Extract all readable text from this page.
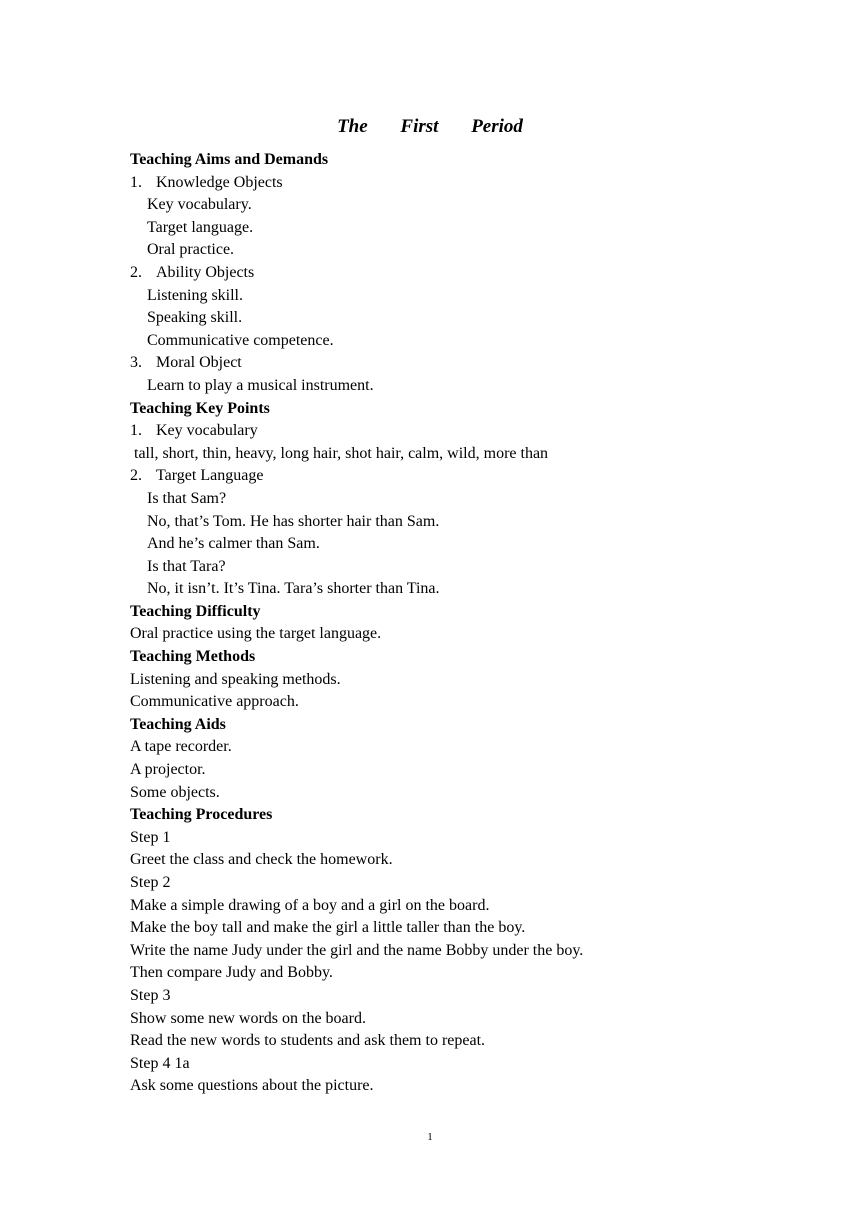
The First Period
Teaching Aims and Demands
1. Knowledge Objects
Key vocabulary.
Target language.
Oral practice.
2. Ability Objects
Listening skill.
Speaking skill.
Communicative competence.
3. Moral Object
Learn to play a musical instrument.
Teaching Key Points
1. Key vocabulary
tall, short, thin, heavy, long hair, shot hair, calm, wild, more than
2. Target Language
Is that Sam?
No, that’s Tom. He has shorter hair than Sam.
And he’s calmer than Sam.
Is that Tara?
No, it isn’t. It’s Tina. Tara’s shorter than Tina.
Teaching Difficulty
Oral practice using the target language.
Teaching Methods
Listening and speaking methods.
Communicative approach.
Teaching Aids
A tape recorder.
A projector.
Some objects.
Teaching Procedures
Step 1
Greet the class and check the homework.
Step 2
Make a simple drawing of a boy and a girl on the board.
Make the boy tall and make the girl a little taller than the boy.
Write the name Judy under the girl and the name Bobby under the boy.
Then compare Judy and Bobby.
Step 3
Show some new words on the board.
Read the new words to students and ask them to repeat.
Step 4 1a
Ask some questions about the picture.
1
